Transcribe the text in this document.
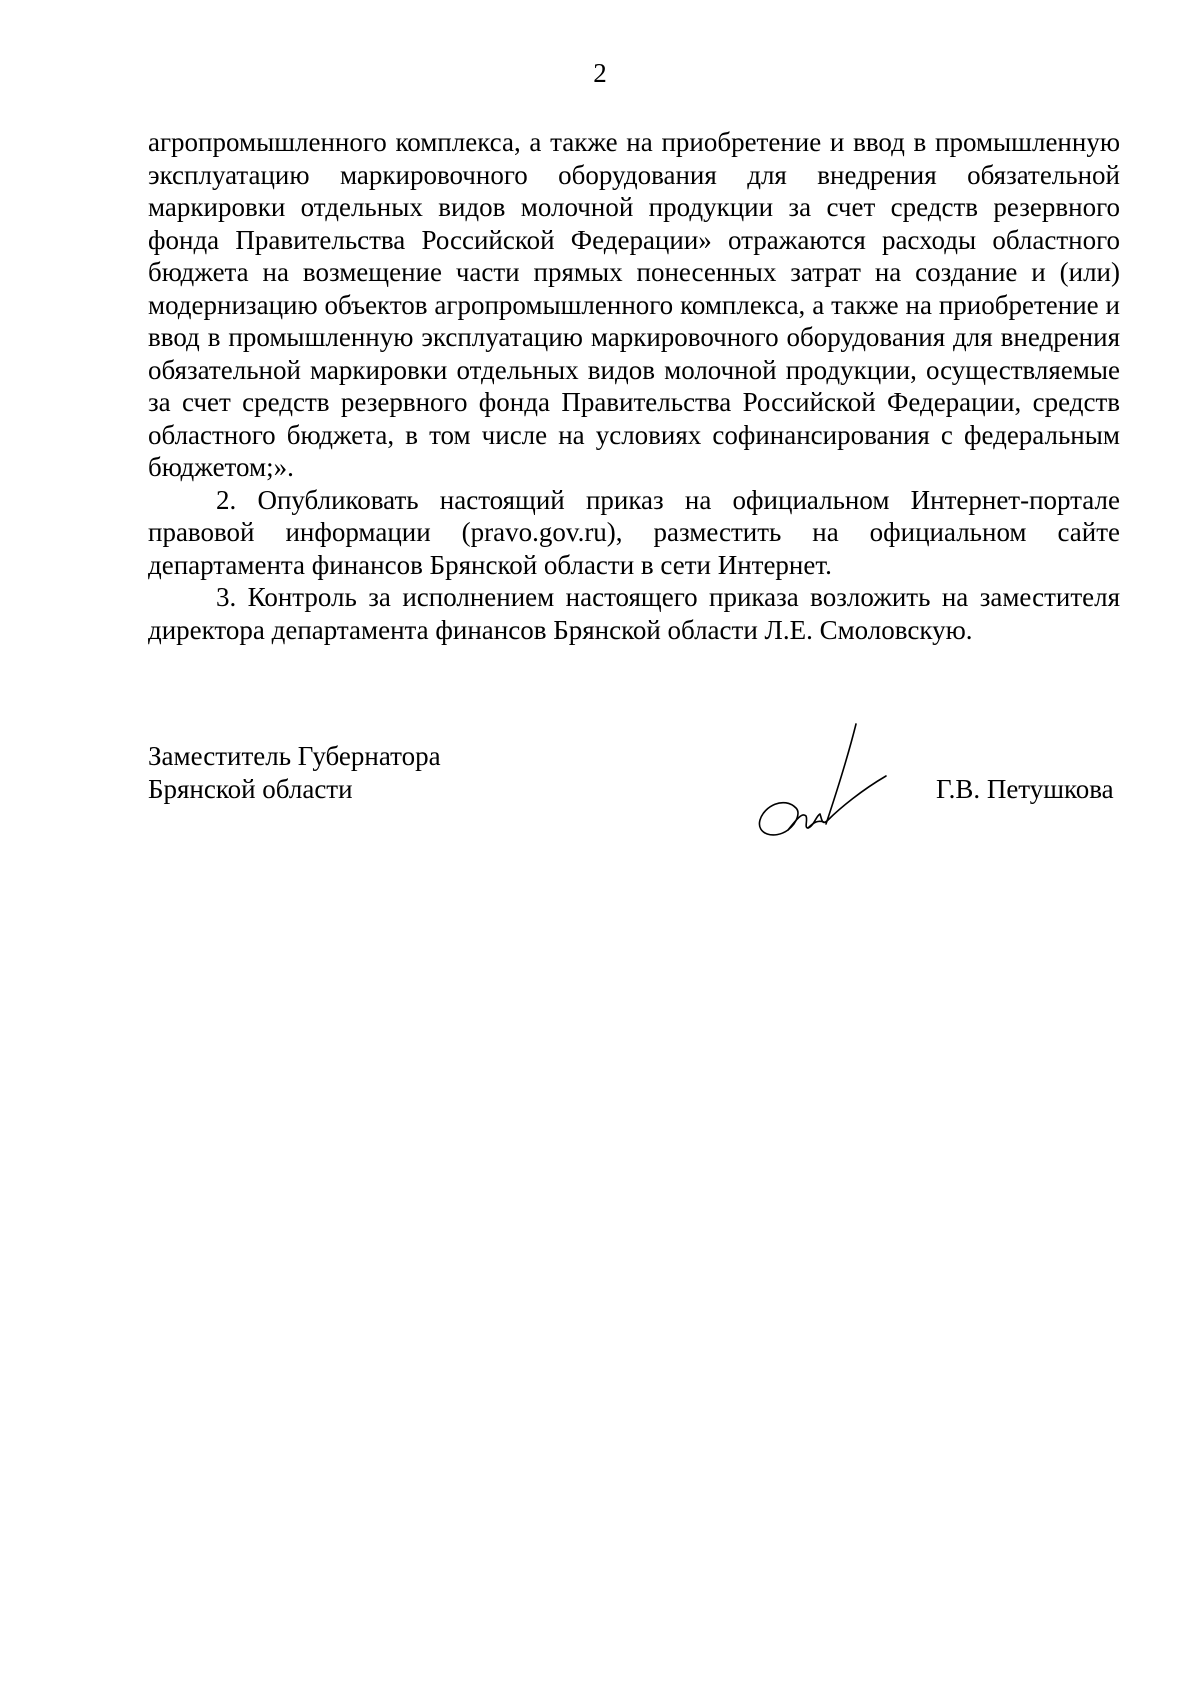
2

агропромышленного комплекса, а также на приобретение и ввод в промышленную эксплуатацию маркировочного оборудования для внедрения обязательной маркировки отдельных видов молочной продукции за счет средств резервного фонда Правительства Российской Федерации» отражаются расходы областного бюджета на возмещение части прямых понесенных затрат на создание и (или) модернизацию объектов агропромышленного комплекса, а также на приобретение и ввод в промышленную эксплуатацию маркировочного оборудования для внедрения обязательной маркировки отдельных видов молочной продукции, осуществляемые за счет средств резервного фонда Правительства Российской Федерации, средств областного бюджета, в том числе на условиях софинансирования с федеральным бюджетом;».

2. Опубликовать настоящий приказ на официальном Интернет-портале правовой информации (pravo.gov.ru), разместить на официальном сайте департамента финансов Брянской области в сети Интернет.

3. Контроль за исполнением настоящего приказа возложить на заместителя директора департамента финансов Брянской области Л.Е. Смоловскую.

Заместитель Губернатора
Брянской области	Г.В. Петушкова
